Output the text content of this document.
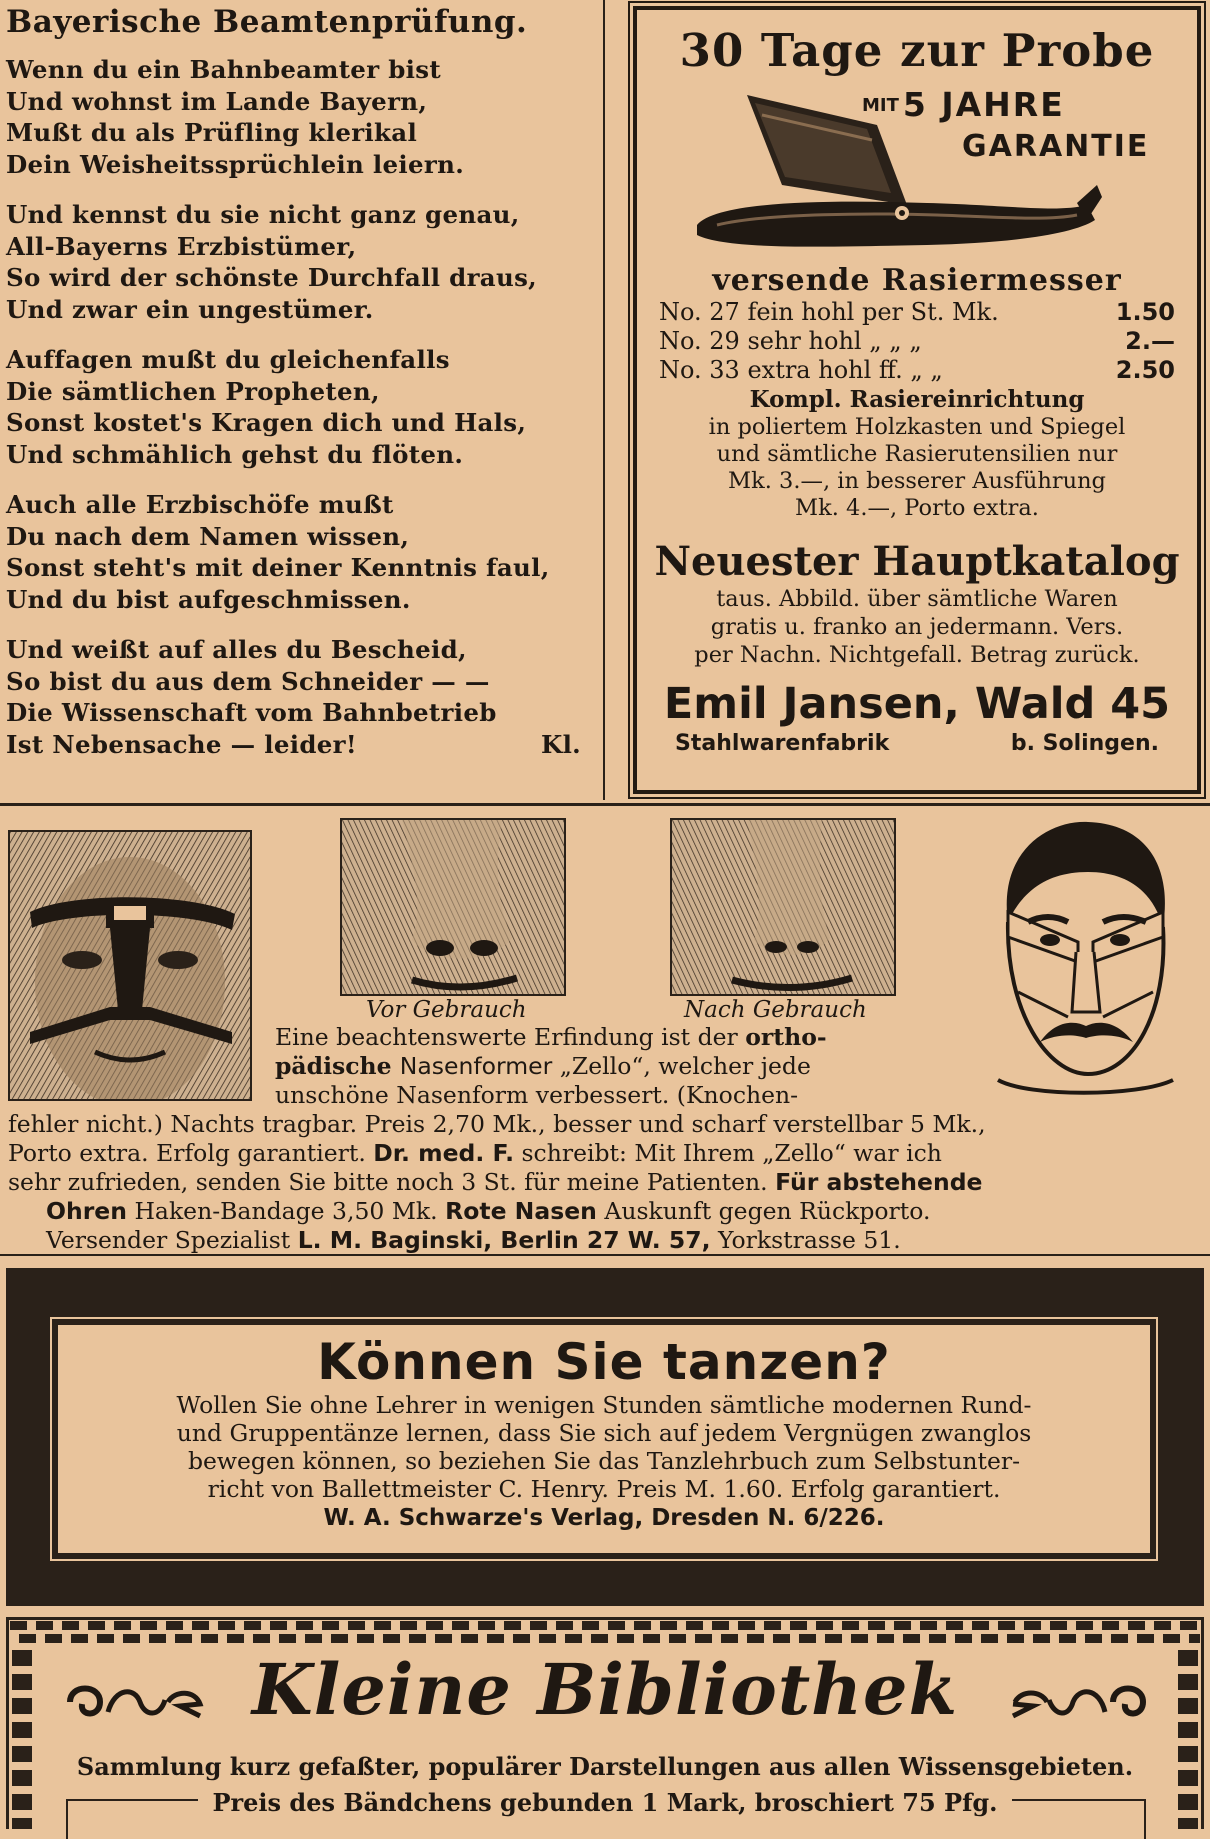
Bayerische Beamtenprüfung.
Wenn du ein Bahnbeamter bist
Und wohnst im Lande Bayern,
Mußt du als Prüfling klerikal
Dein Weisheitssprüchlein leiern.
Und kennst du sie nicht ganz genau,
All-Bayerns Erzbistümer,
So wird der schönste Durchfall draus,
Und zwar ein ungestümer.
Auffagen mußt du gleichenfalls
Die sämtlichen Propheten,
Sonst kostet's Kragen dich und Hals,
Und schmählich gehst du flöten.
Auch alle Erzbischöfe mußt
Du nach dem Namen wissen,
Sonst steht's mit deiner Kenntnis faul,
Und du bist aufgeschmissen.
Und weißt auf alles du Bescheid,
So bist du aus dem Schneider — —
Die Wissenschaft vom Bahnbetrieb
Ist Nebensache — leider!	Kl.
30 Tage zur Probe
MIT 5 JAHRE
GARANTIE
versende Rasiermesser
No. 27 fein hohl per St. Mk.	1.50
No. 29 sehr hohl „ „ „	2.—
No. 33 extra hohl ff. „ „	2.50
Kompl. Rasiereinrichtung
in poliertem Holzkasten und Spiegel
und sämtliche Rasierutensilien nur
Mk. 3.—, in besserer Ausführung
Mk. 4.—, Porto extra.
Neuester Hauptkatalog
taus. Abbild. über sämtliche Waren
gratis u. franko an jedermann. Vers.
per Nachn. Nichtgefall. Betrag zurück.
Emil Jansen, Wald 45
Stahlwarenfabrik	b. Solingen.
Vor Gebrauch	Nach Gebrauch
Eine beachtenswerte Erfindung ist der ortho-
pädische Nasenformer „Zello“, welcher jede
unschöne Nasenform verbessert. (Knochen-
fehler nicht.) Nachts tragbar. Preis 2,70 Mk., besser und scharf verstellbar 5 Mk.,
Porto extra. Erfolg garantiert. Dr. med. F. schreibt: Mit Ihrem „Zello“ war ich
sehr zufrieden, senden Sie bitte noch 3 St. für meine Patienten. Für abstehende
Ohren Haken-Bandage 3,50 Mk. Rote Nasen Auskunft gegen Rückporto.
Versender Spezialist L. M. Baginski, Berlin 27 W. 57, Yorkstrasse 51.
Können Sie tanzen?
Wollen Sie ohne Lehrer in wenigen Stunden sämtliche modernen Rund-
und Gruppentänze lernen, dass Sie sich auf jedem Vergnügen zwanglos
bewegen können, so beziehen Sie das Tanzlehrbuch zum Selbstunter-
richt von Ballettmeister C. Henry. Preis M. 1.60. Erfolg garantiert.
W. A. Schwarze's Verlag, Dresden N. 6/226.
Kleine Bibliothek
Sammlung kurz gefaßter, populärer Darstellungen aus allen Wissensgebieten.
Preis des Bändchens gebunden 1 Mark, broschiert 75 Pfg.
